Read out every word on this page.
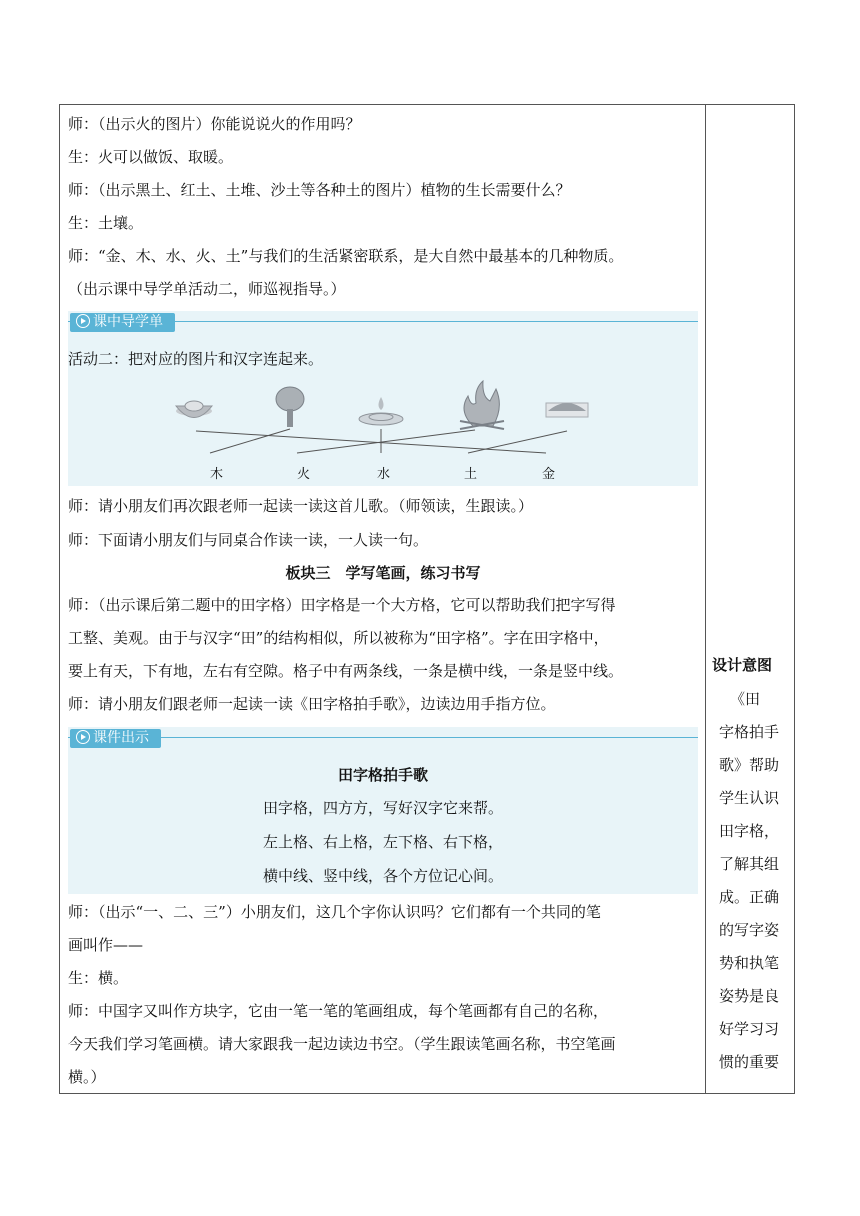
师：（出示火的图片）你能说说火的作用吗？
生：火可以做饭、取暖。
师：（出示黑土、红土、土堆、沙土等各种土的图片）植物的生长需要什么？
生：土壤。
师：“金、木、水、火、土”与我们的生活紧密联系，是大自然中最基本的几种物质。
（出示课中导学单活动二，师巡视指导。）
课中导学单
活动二：把对应的图片和汉字连起来。
木	火	水	土	金
师：请小朋友们再次跟老师一起读一读这首儿歌。（师领读，生跟读。）
师：下面请小朋友们与同桌合作读一读，一人读一句。
板块三　学写笔画，练习书写
师：（出示课后第二题中的田字格）田字格是一个大方格，它可以帮助我们把字写得
工整、美观。由于与汉字“田”的结构相似，所以被称为“田字格”。字在田字格中，
要上有天，下有地，左右有空隙。格子中有两条线，一条是横中线，一条是竖中线。
师：请小朋友们跟老师一起读一读《田字格拍手歌》，边读边用手指方位。
课件出示
田字格拍手歌
田字格，四方方，写好汉字它来帮。
左上格、右上格，左下格、右下格，
横中线、竖中线，各个方位记心间。
师：（出示“一、二、三”）小朋友们，这几个字你认识吗？它们都有一个共同的笔
画叫作——
生：横。
师：中国字又叫作方块字，它由一笔一笔的笔画组成，每个笔画都有自己的名称，
今天我们学习笔画横。请大家跟我一起边读边书空。（学生跟读笔画名称，书空笔画
横。）
设计意图
《田
字格拍手
歌》帮助
学生认识
田字格，
了解其组
成。正确
的写字姿
势和执笔
姿势是良
好学习习
惯的重要
